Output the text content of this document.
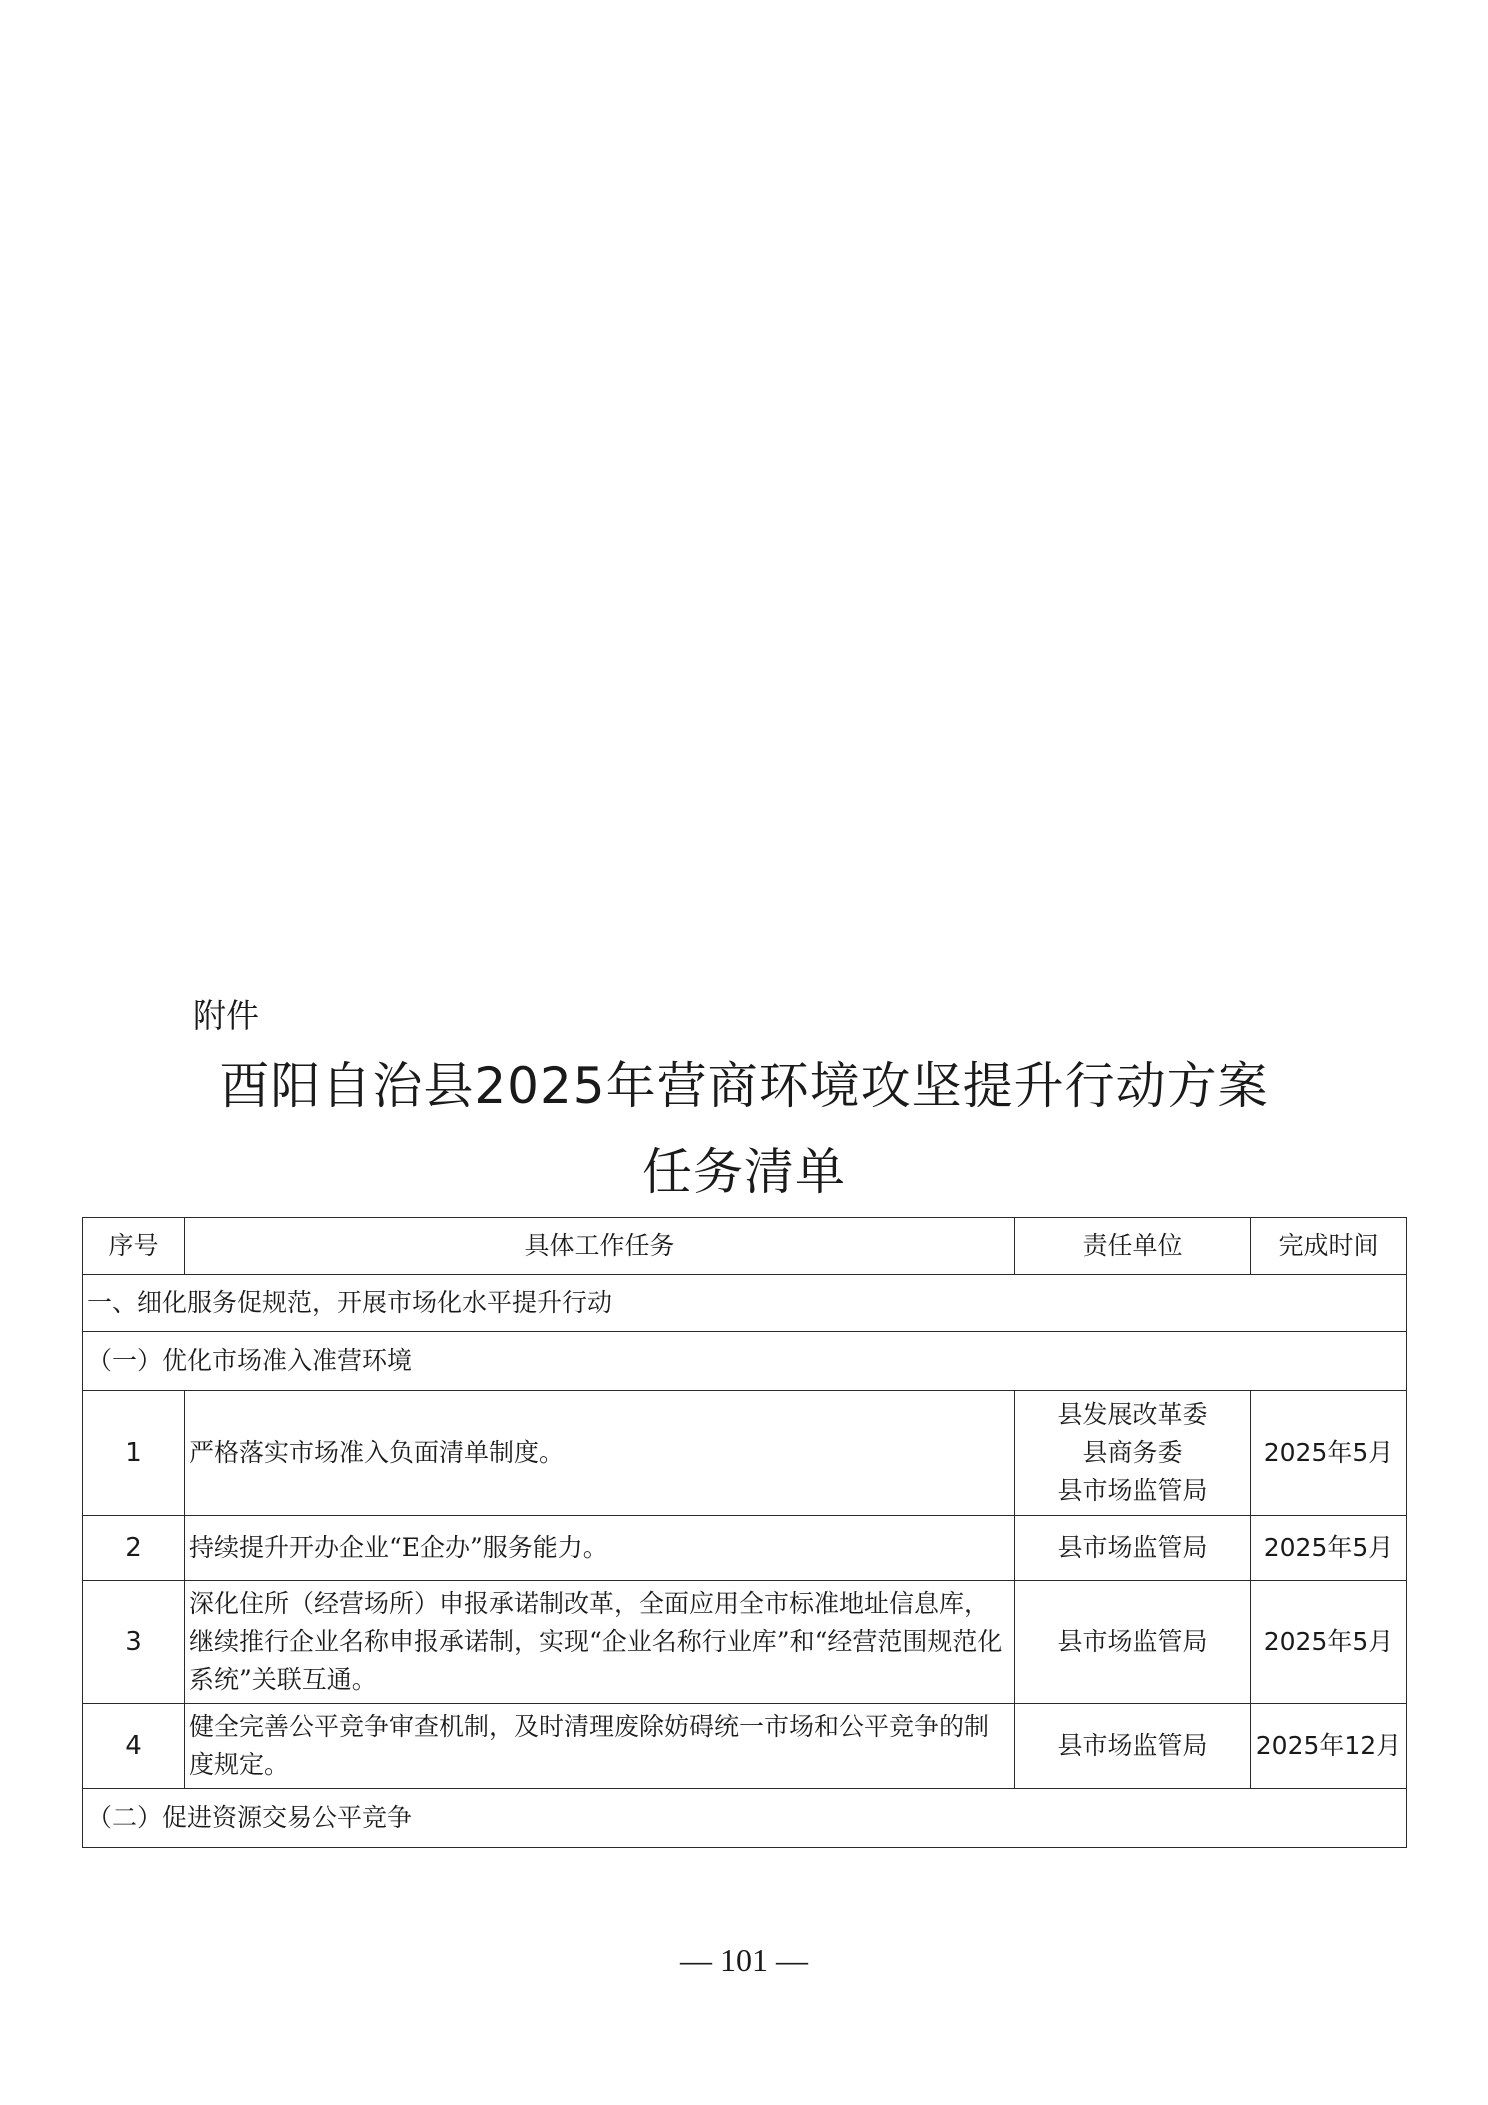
附件
酉阳自治县2025年营商环境攻坚提升行动方案
任务清单
序号	具体工作任务	责任单位	完成时间
一、细化服务促规范，开展市场化水平提升行动			
（一）优化市场准入准营环境			
1	严格落实市场准入负面清单制度。	县发展改革委
县商务委
县市场监管局	2025年5月
2	持续提升开办企业“E企办”服务能力。	县市场监管局	2025年5月
3	深化住所（经营场所）申报承诺制改革，全面应用全市标准地址信息库，继续推行企业名称申报承诺制，实现“企业名称行业库”和“经营范围规范化系统”关联互通。	县市场监管局	2025年5月
4	健全完善公平竞争审查机制，及时清理废除妨碍统一市场和公平竞争的制度规定。	县市场监管局	2025年12月
（二）促进资源交易公平竞争			
— 101 —
